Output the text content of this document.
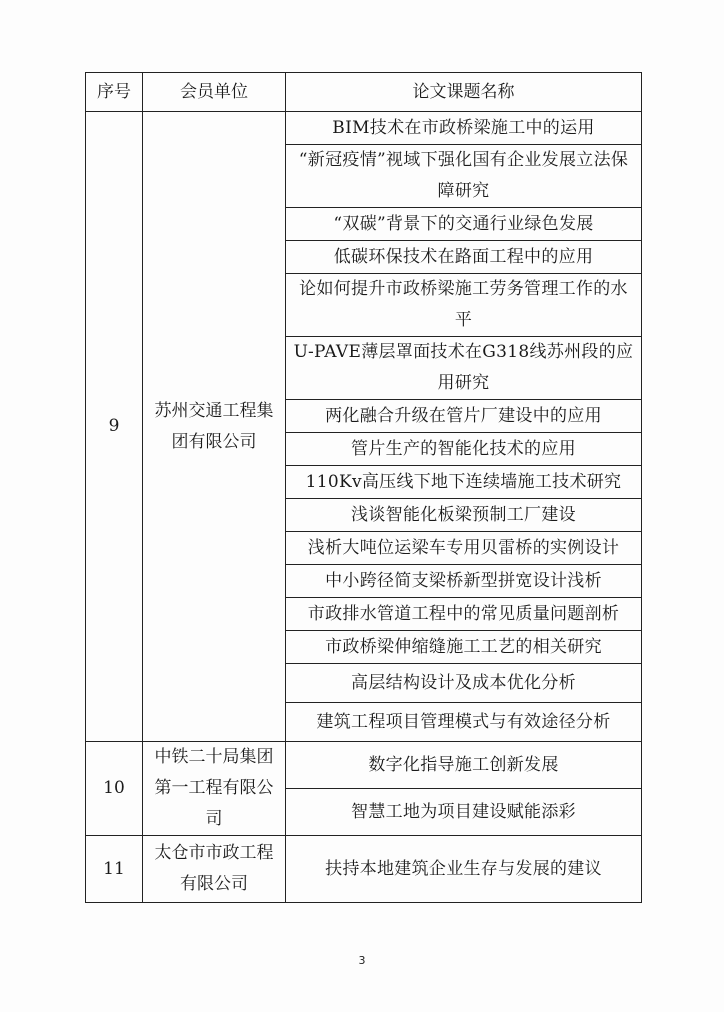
序号	会员单位	论文课题名称
9	苏州交通工程集团有限公司	BIM技术在市政桥梁施工中的运用
		“新冠疫情”视域下强化国有企业发展立法保障研究
		“双碳”背景下的交通行业绿色发展
		低碳环保技术在路面工程中的应用
		论如何提升市政桥梁施工劳务管理工作的水平
		U-PAVE薄层罩面技术在G318线苏州段的应用研究
		两化融合升级在管片厂建设中的应用
		管片生产的智能化技术的应用
		110Kv高压线下地下连续墙施工技术研究
		浅谈智能化板梁预制工厂建设
		浅析大吨位运梁车专用贝雷桥的实例设计
		中小跨径简支梁桥新型拼宽设计浅析
		市政排水管道工程中的常见质量问题剖析
		市政桥梁伸缩缝施工工艺的相关研究
		高层结构设计及成本优化分析
		建筑工程项目管理模式与有效途径分析
10	中铁二十局集团第一工程有限公司	数字化指导施工创新发展
		智慧工地为项目建设赋能添彩
11	太仓市市政工程有限公司	扶持本地建筑企业生存与发展的建议
3
